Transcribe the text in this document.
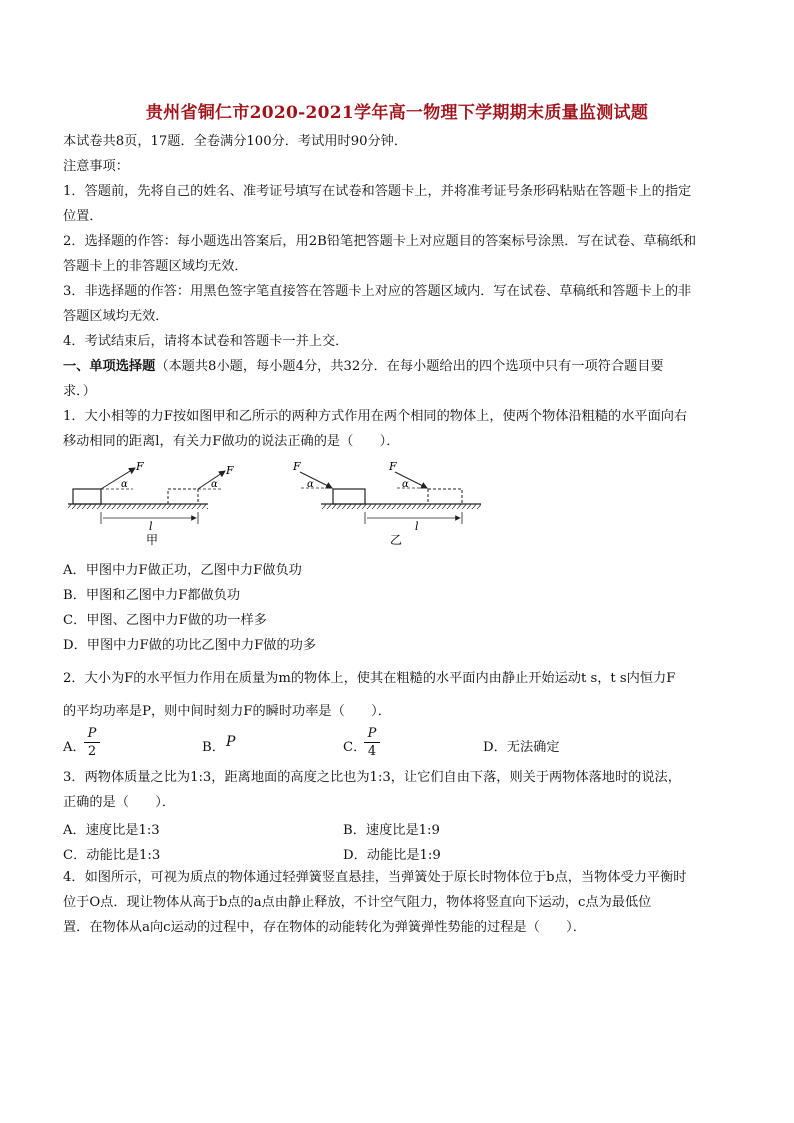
贵州省铜仁市2020-2021学年高一物理下学期期末质量监测试题
本试卷共8页，17题．全卷满分100分．考试用时90分钟．
注意事项：
1．答题前，先将自己的姓名、准考证号填写在试卷和答题卡上，并将准考证号条形码粘贴在答题卡上的指定
位置．
2．选择题的作答：每小题选出答案后，用2B铅笔把答题卡上对应题目的答案标号涂黑．写在试卷、草稿纸和
答题卡上的非答题区域均无效．
3．非选择题的作答：用黑色签字笔直接答在答题卡上对应的答题区域内．写在试卷、草稿纸和答题卡上的非
答题区域均无效．
4．考试结束后，请将本试卷和答题卡一并上交．
一、单项选择题（本题共8小题，每小题4分，共32分．在每小题给出的四个选项中只有一项符合题目要
求．）
1．大小相等的力F按如图甲和乙所示的两种方式作用在两个相同的物体上，使两个物体沿粗糙的水平面向右
移动相同的距离l，有关力F做功的说法正确的是（　　）．
F
α
F
α
l
甲
F
α
F
α
l
乙
A．甲图中力F做正功，乙图中力F做负功
B．甲图和乙图中力F都做负功
C．甲图、乙图中力F做的功一样多
D．甲图中力F做的功比乙图中力F做的功多
2．大小为F的水平恒力作用在质量为m的物体上，使其在粗糙的水平面内由静止开始运动t s，t s内恒力F
的平均功率是P，则中间时刻力F的瞬时功率是（　　）．
A．
$\frac{P}{2}$	B． P	C．
$\frac{P}{4}$	D．无法确定
3．两物体质量之比为1:3，距离地面的高度之比也为1:3，让它们自由下落，则关于两物体落地时的说法，
正确的是（　　）．
A．速度比是1:3	B．速度比是1:9
C．动能比是1:3	D．动能比是1:9
4．如图所示，可视为质点的物体通过轻弹簧竖直悬挂，当弹簧处于原长时物体位于b点，当物体受力平衡时
位于O点．现让物体从高于b点的a点由静止释放，不计空气阻力，物体将竖直向下运动，c点为最低位
置．在物体从a向c运动的过程中，存在物体的动能转化为弹簧弹性势能的过程是（　　）．
